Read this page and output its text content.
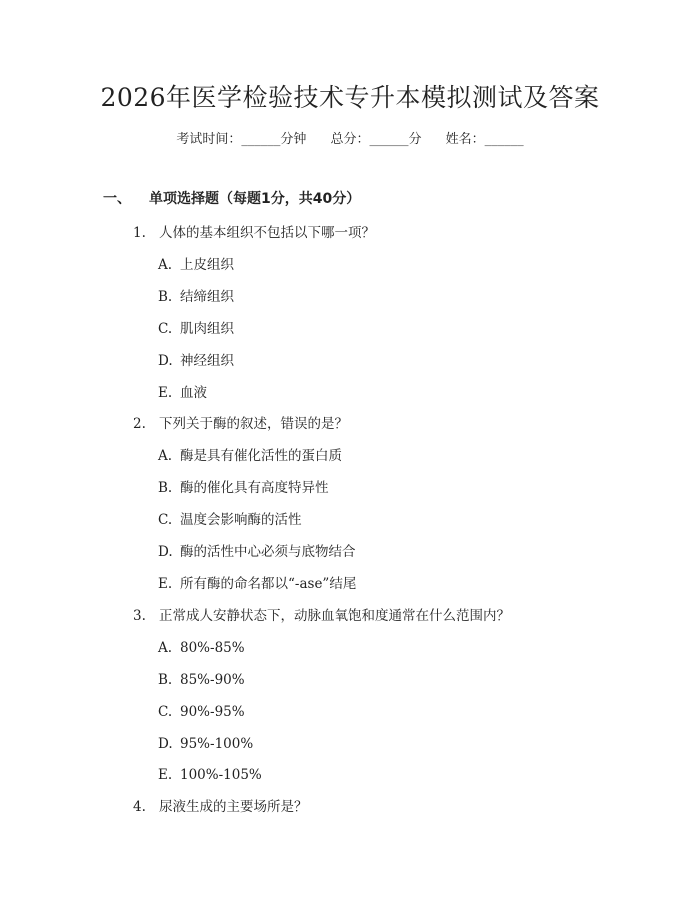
2026年医学检验技术专升本模拟测试及答案
考试时间：______分钟 总分：______分 姓名：______
一、 单项选择题（每题1分，共40分）
1. 人体的基本组织不包括以下哪一项？
A. 上皮组织
B. 结缔组织
C. 肌肉组织
D. 神经组织
E. 血液
2. 下列关于酶的叙述，错误的是？
A. 酶是具有催化活性的蛋白质
B. 酶的催化具有高度特异性
C. 温度会影响酶的活性
D. 酶的活性中心必须与底物结合
E. 所有酶的命名都以“-ase”结尾
3. 正常成人安静状态下，动脉血氧饱和度通常在什么范围内？
A. 80%-85%
B. 85%-90%
C. 90%-95%
D. 95%-100%
E. 100%-105%
4. 尿液生成的主要场所是？
